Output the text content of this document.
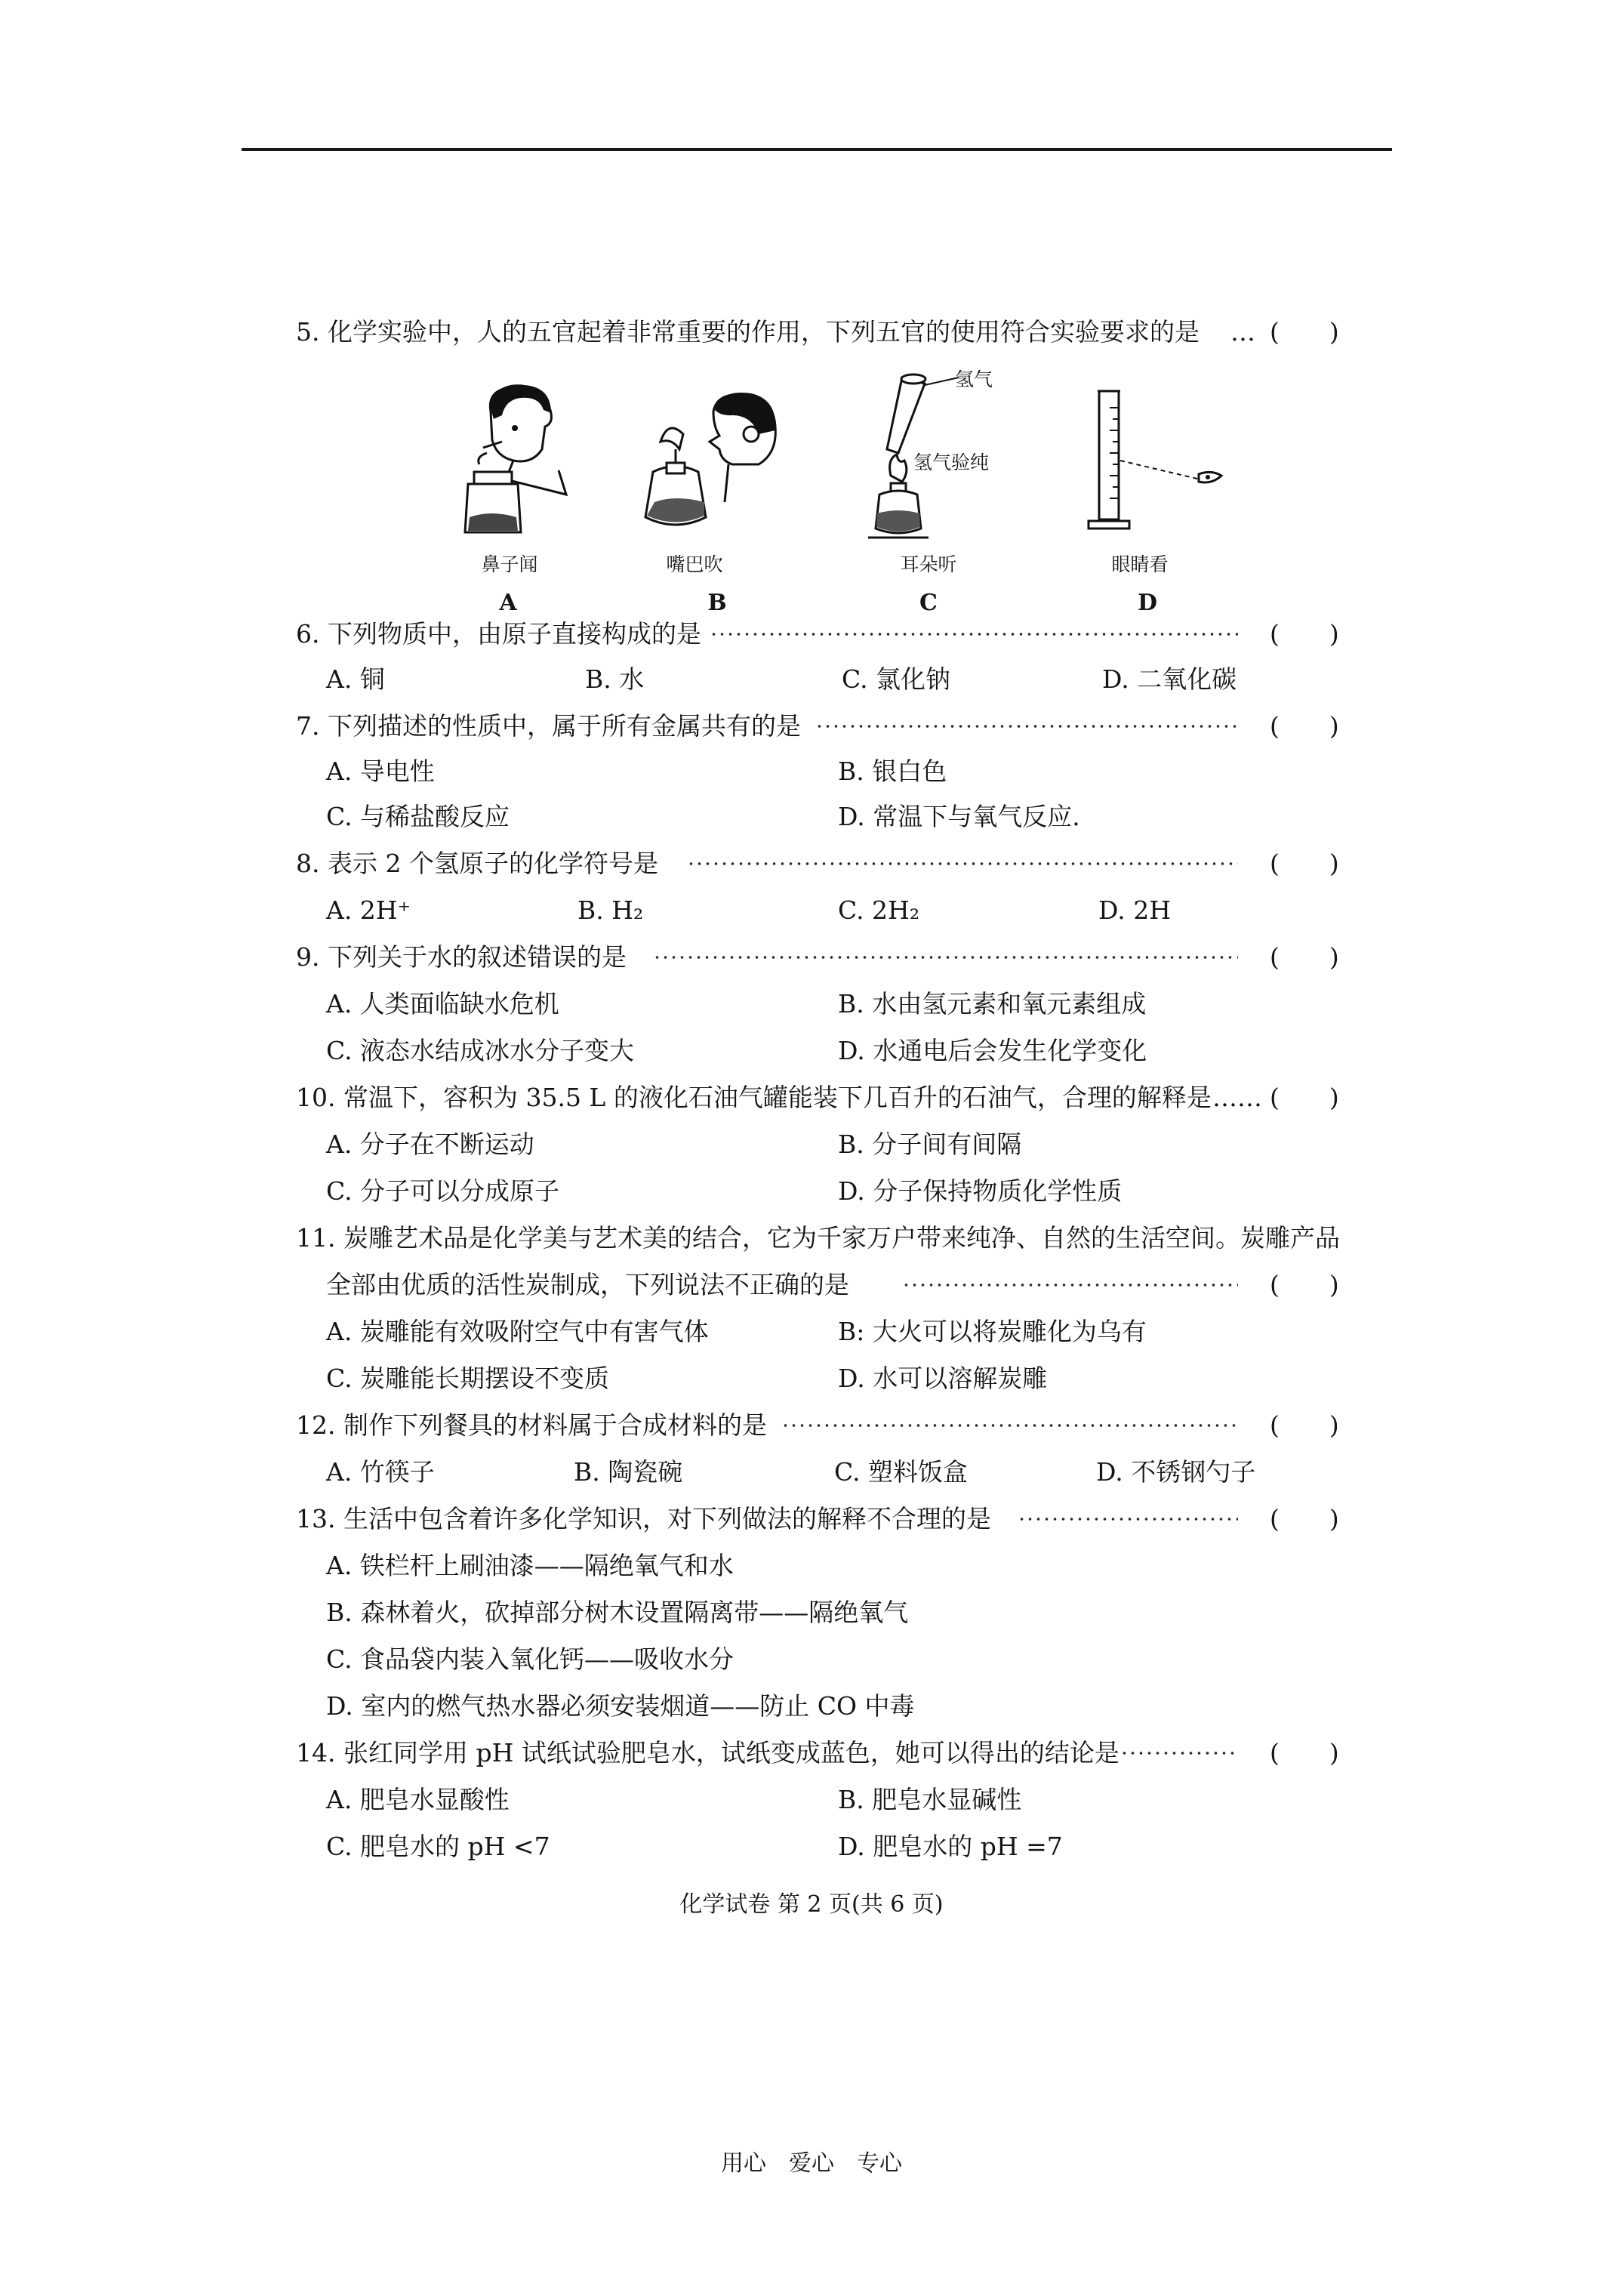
5. 化学实验中，人的五官起着非常重要的作用，下列五官的使用符合实验要求的是 … (　　)
鼻子闻
A
嘴巴吹
B
氢气
氢气验纯
耳朵听
C
眼睛看
D
6. 下列物质中，由原子直接构成的是	(　　)
A. 铜	B. 水	C. 氯化钠	D. 二氧化碳
7. 下列描述的性质中，属于所有金属共有的是	(　　)
A. 导电性	B. 银白色
C. 与稀盐酸反应	D. 常温下与氧气反应.
8. 表示 2 个氢原子的化学符号是	(　　)
A. 2H⁺	B. H₂	C. 2H₂	D. 2H
9. 下列关于水的叙述错误的是	(　　)
A. 人类面临缺水危机	B. 水由氢元素和氧元素组成
C. 液态水结成冰水分子变大	D. 水通电后会发生化学变化
10. 常温下，容积为 35.5 L 的液化石油气罐能装下几百升的石油气，合理的解释是 …… (　　)
A. 分子在不断运动	B. 分子间有间隔
C. 分子可以分成原子	D. 分子保持物质化学性质
11. 炭雕艺术品是化学美与艺术美的结合，它为千家万户带来纯净、自然的生活空间。炭雕产品
全部由优质的活性炭制成，下列说法不正确的是	(　　)
A. 炭雕能有效吸附空气中有害气体	B: 大火可以将炭雕化为乌有
C. 炭雕能长期摆设不变质	D. 水可以溶解炭雕
12. 制作下列餐具的材料属于合成材料的是	(　　)
A. 竹筷子	B. 陶瓷碗	C. 塑料饭盒	D. 不锈钢勺子
13. 生活中包含着许多化学知识，对下列做法的解释不合理的是	(　　)
A. 铁栏杆上刷油漆——隔绝氧气和水
B. 森林着火，砍掉部分树木设置隔离带——隔绝氧气
C. 食品袋内装入氧化钙——吸收水分
D. 室内的燃气热水器必须安装烟道——防止 CO 中毒
14. 张红同学用 pH 试纸试验肥皂水，试纸变成蓝色，她可以得出的结论是	(　　)
A. 肥皂水显酸性	B. 肥皂水显碱性
C. 肥皂水的 pH <7	D. 肥皂水的 pH =7
化学试卷 第 2 页(共 6 页)
用心　爱心　专心
